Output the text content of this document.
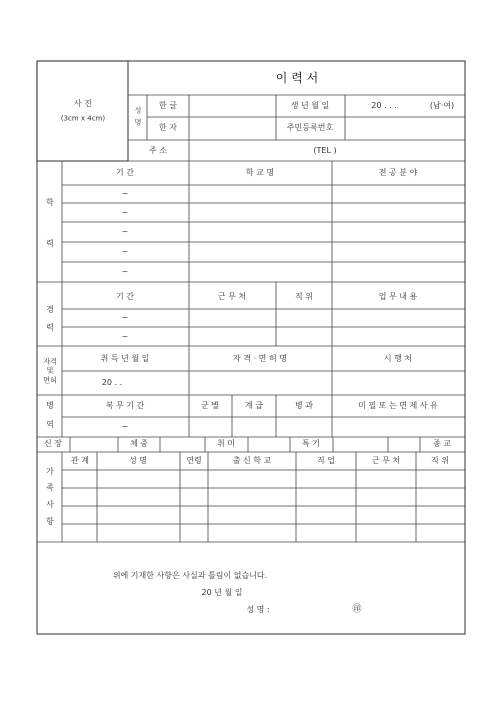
이 력 서
사 진
(3cm x 4cm)
성
명
한 글
한 자
생 년 월 일	20 . . .	(남·여)
주민등록번호
주 소	(TEL )
학
력
기 간	학 교 명	전 공 분 야
~
~
~
~
~
경
력
기 간	근 무 처	직 위	업 무 내 용
~
~
자격
및
면허
취 득 년 월 일	자 격 · 면 허 명	시 행 처
20 . .
병
역
복 무 기 간	군 별	계 급	병 과	미 필 또 는 면 제 사 유
~
신 장	체 중	취 미	특 기	종 교
가
족
사
항
관 계	성 명	연령	출 신 학 교	직 업	근 무 처	직 위
위에 기재한 사항은 사실과 틀림이 없습니다.
20 년 월 일
성 명 :	㊞
